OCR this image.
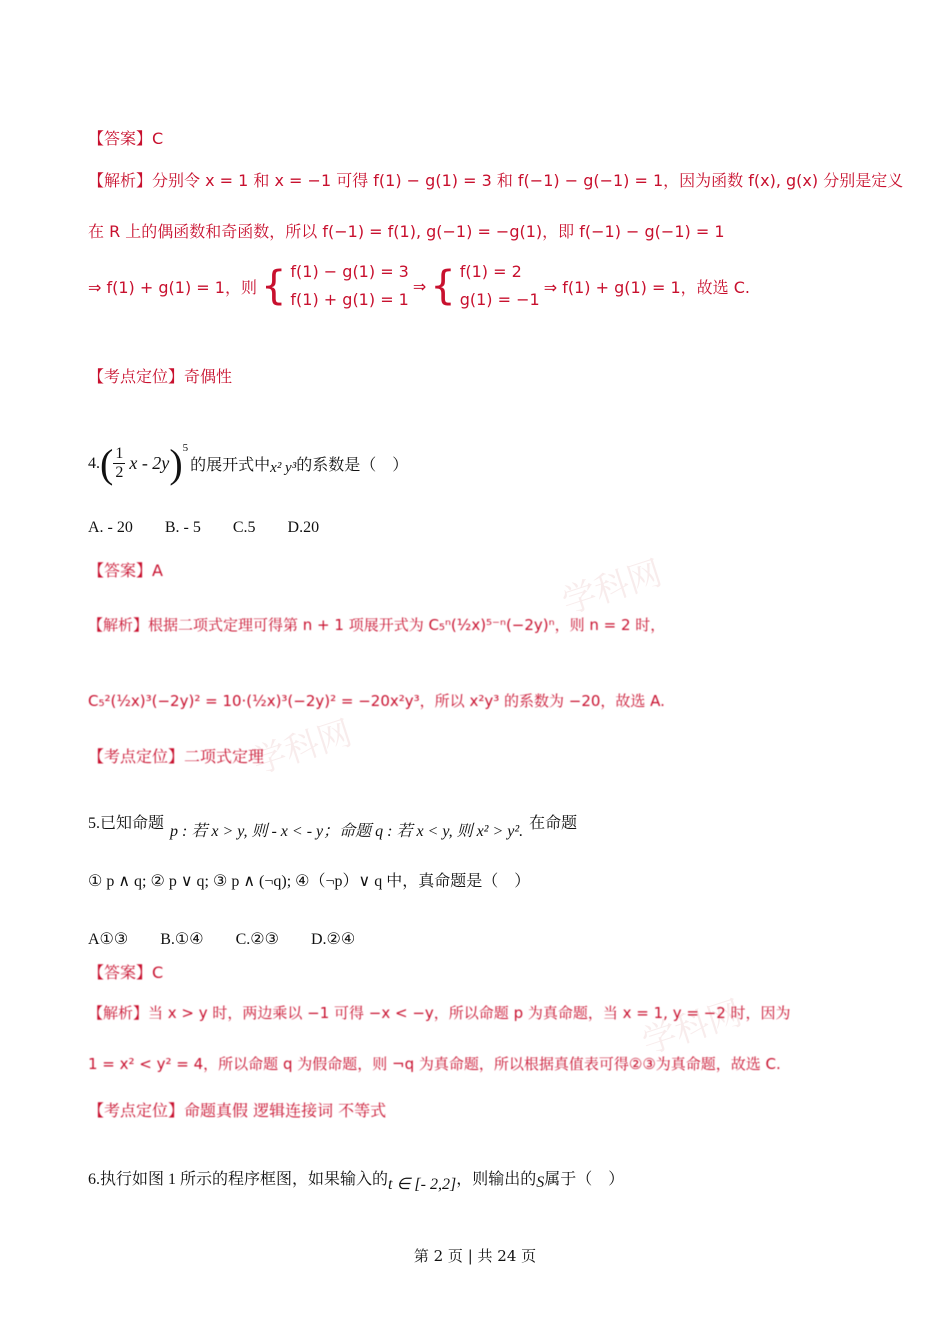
学科网
学科网
学科网
【答案】C
【解析】分别令 x = 1 和 x = −1 可得 f(1) − g(1) = 3 和 f(−1) − g(−1) = 1，因为函数 f(x), g(x) 分别是定义
在 R 上的偶函数和奇函数，所以 f(−1) = f(1), g(−1) = −g(1)，即 f(−1) − g(−1) = 1
⇒ f(1) + g(1) = 1，则 { f(1) − g(1) = 3
f(1) + g(1) = 1
⇒ { f(1) = 2
g(1) = −1
⇒ f(1) + g(1) = 1，故选 C.
【考点定位】奇偶性
4. ( $\frac{1}{2}$ x - 2y )$^5$
的展开式中 x² y³ 的系数是（　）
A. - 20　　B. - 5　　C.5　　D.20
【答案】A
【解析】根据二项式定理可得第 n + 1 项展开式为 C₅ⁿ(½x)⁵⁻ⁿ(−2y)ⁿ，则 n = 2 时，
C₅²(½x)³(−2y)² = 10·(½x)³(−2y)² = −20x²y³，所以 x²y³ 的系数为 −20，故选 A.
【考点定位】二项式定理
5.已知命题 p : 若 x > y, 则 - x < - y；命题 q : 若 x < y, 则 x² > y². 在命题
① p ∧ q; ② p ∨ q; ③ p ∧ (¬q); ④（¬p）∨ q 中，真命题是（　）
A①③　　B.①④　　C.②③　　D.②④
【答案】C
【解析】当 x > y 时，两边乘以 −1 可得 −x < −y，所以命题 p 为真命题，当 x = 1, y = −2 时，因为
1 = x² < y² = 4，所以命题 q 为假命题，则 ¬q 为真命题，所以根据真值表可得②③为真命题，故选 C.
【考点定位】命题真假 逻辑连接词 不等式
6.执行如图 1 所示的程序框图，如果输入的 t ∈ [- 2,2] ，则输出的 S 属于（　）
第 2 页 | 共 24 页
